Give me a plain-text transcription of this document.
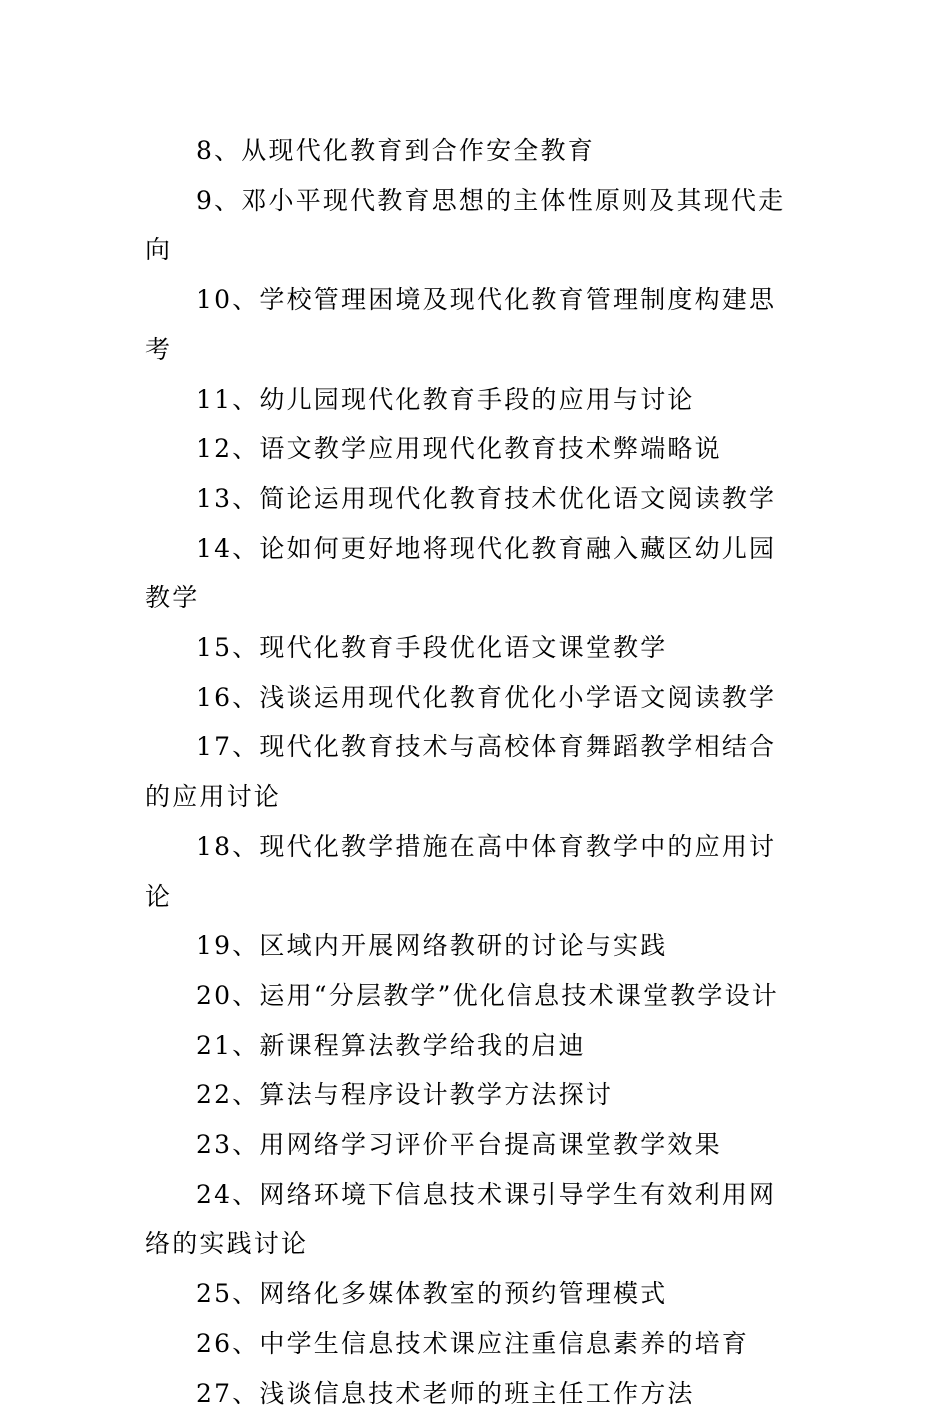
8、从现代化教育到合作安全教育

9、邓小平现代教育思想的主体性原则及其现代走向

10、学校管理困境及现代化教育管理制度构建思考

11、幼儿园现代化教育手段的应用与讨论

12、语文教学应用现代化教育技术弊端略说

13、简论运用现代化教育技术优化语文阅读教学

14、论如何更好地将现代化教育融入藏区幼儿园教学

15、现代化教育手段优化语文课堂教学

16、浅谈运用现代化教育优化小学语文阅读教学

17、现代化教育技术与高校体育舞蹈教学相结合的应用讨论

18、现代化教学措施在高中体育教学中的应用讨论

19、区域内开展网络教研的讨论与实践

20、运用“分层教学”优化信息技术课堂教学设计

21、新课程算法教学给我的启迪

22、算法与程序设计教学方法探讨

23、用网络学习评价平台提高课堂教学效果

24、网络环境下信息技术课引导学生有效利用网络的实践讨论

25、网络化多媒体教室的预约管理模式

26、中学生信息技术课应注重信息素养的培育

27、浅谈信息技术老师的班主任工作方法
